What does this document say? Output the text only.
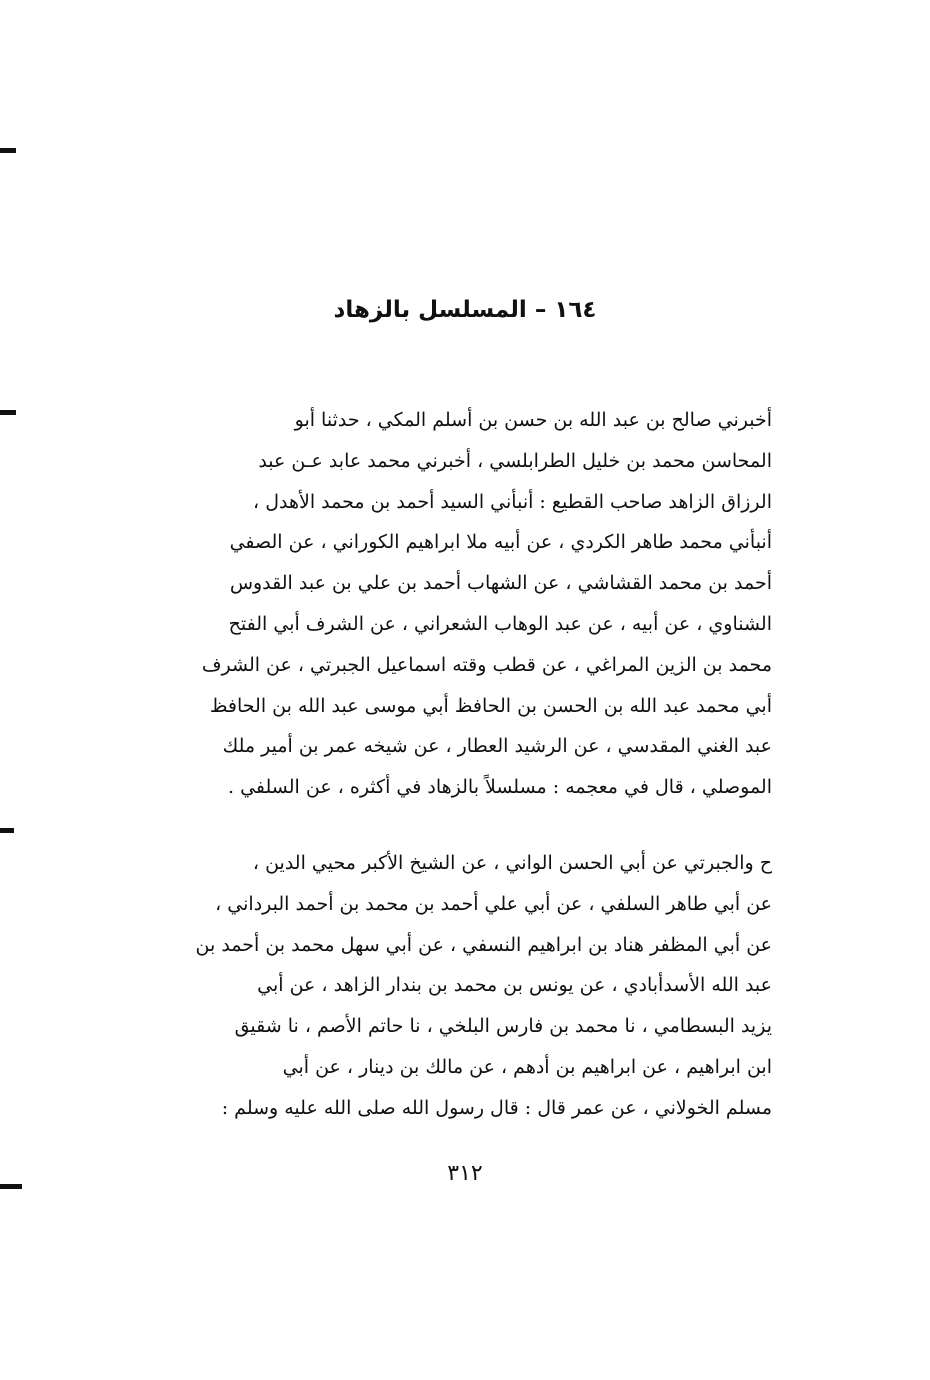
١٦٤ – المسلسل بالزهاد
أخبرني صالح بن عبد الله بن حسن بن أسلم المكي ، حدثنا أبو
المحاسن محمد بن خليل الطرابلسي ، أخبرني محمد عابد عـن عبد
الرزاق الزاهد صاحب القطيع : أنبأني السيد أحمد بن محمد الأهدل ،
أنبأني محمد طاهر الكردي ، عن أبيه ملا ابراهيم الكوراني ، عن الصفي
أحمد بن محمد القشاشي ، عن الشهاب أحمد بن علي بن عبد القدوس
الشناوي ، عن أبيه ، عن عبد الوهاب الشعراني ، عن الشرف أبي الفتح
محمد بن الزين المراغي ، عن قطب وقته اسماعيل الجبرتي ، عن الشرف
أبي محمد عبد الله بن الحسن بن الحافظ أبي موسى عبد الله بن الحافظ
عبد الغني المقدسي ، عن الرشيد العطار ، عن شيخه عمر بن أمير ملك
الموصلي ، قال في معجمه : مسلسلاً بالزهاد في أكثره ، عن السلفي .
ح والجبرتي عن أبي الحسن الواني ، عن الشيخ الأكبر محيي الدين ،
عن أبي طاهر السلفي ، عن أبي علي أحمد بن محمد بن أحمد البرداني ،
عن أبي المظفر هناد بن ابراهيم النسفي ، عن أبي سهل محمد بن أحمد بن
عبد الله الأسدأبادي ، عن يونس بن محمد بن بندار الزاهد ، عن أبي
يزيد البسطامي ، نا محمد بن فارس البلخي ، نا حاتم الأصم ، نا شقيق
ابن ابراهيم ، عن ابراهيم بن أدهم ، عن مالك بن دينار ، عن أبي
مسلم الخولاني ، عن عمر قال : قال رسول الله صلى الله عليه وسلم :
٣١٢
